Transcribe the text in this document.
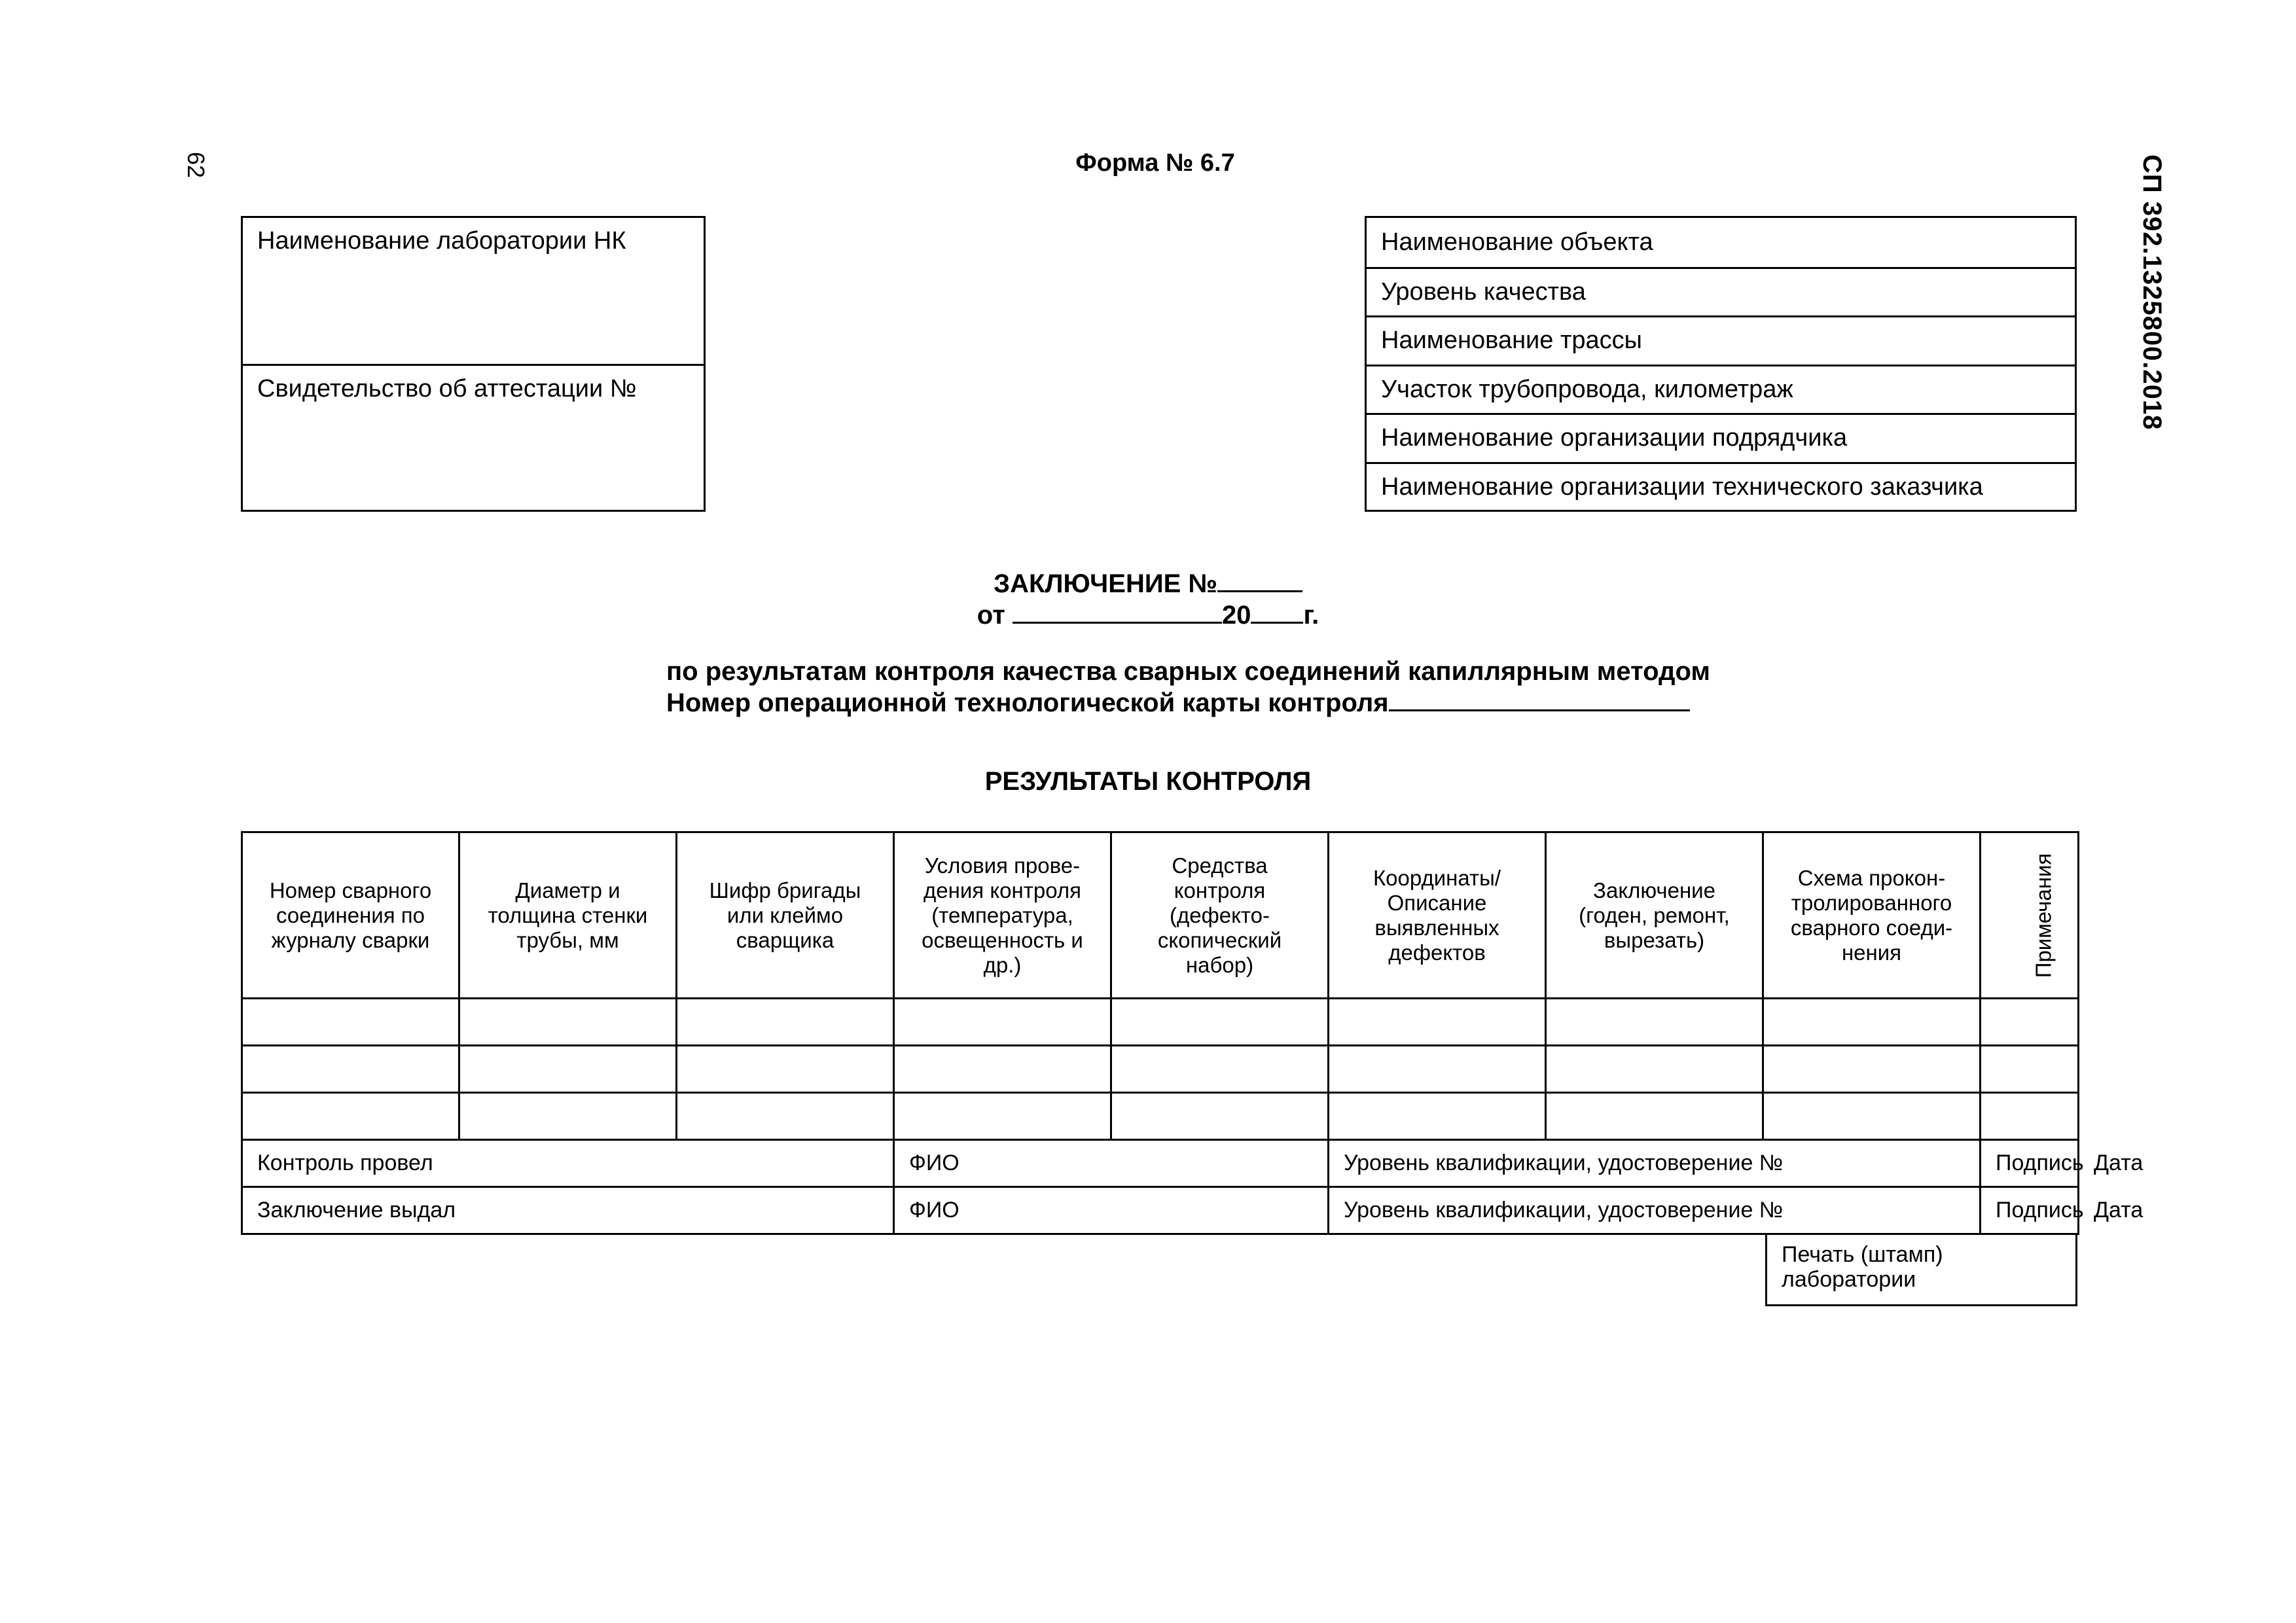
62	СП 392.1325800.2018
Форма № 6.7
Наименование лаборатории НК
Свидетельство об аттестации №
Наименование объекта
Уровень качества
Наименование трассы
Участок трубопровода, километраж
Наименование организации подрядчика
Наименование организации технического заказчика
ЗАКЛЮЧЕНИЕ №
от	20 г.
по результатам контроля качества сварных соединений капиллярным методом
Номер операционной технологической карты контроля
РЕЗУЛЬТАТЫ КОНТРОЛЯ
Номер сварного соединения по журналу сварки	Диаметр и толщина стенки трубы, мм	Шифр бригады или клеймо сварщика	Условия прове-дения контроля (температура, освещенность и др.)	Средства контроля (дефекто-скопический набор)	Координаты/ Описание выявленных дефектов	Заключение (годен, ремонт, вырезать)	Схема прокон-тролированного сварного соеди-нения	Примечания	

Контроль провел			ФИО		Уровень квалификации, удостоверение №			Подпись	Дата
Заключение выдал			ФИО		Уровень квалификации, удостоверение №			Подпись	Дата
Печать (штамп) лаборатории
